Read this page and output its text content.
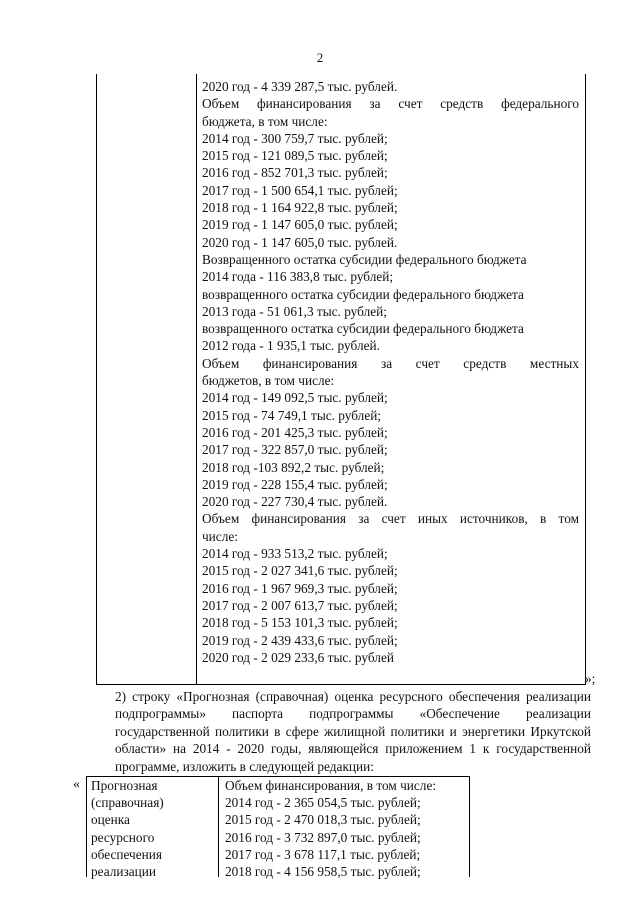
2
2020 год - 4 339 287,5 тыс. рублей.
Объем финансирования за счет средств федерального
бюджета, в том числе:
2014 год - 300 759,7 тыс. рублей;
2015 год - 121 089,5 тыс. рублей;
2016 год - 852 701,3 тыс. рублей;
2017 год - 1 500 654,1 тыс. рублей;
2018 год - 1 164 922,8 тыс. рублей;
2019 год - 1 147 605,0 тыс. рублей;
2020 год - 1 147 605,0 тыс. рублей.
Возвращенного остатка субсидии федерального бюджета
2014 года - 116 383,8 тыс. рублей;
возвращенного остатка субсидии федерального бюджета
2013 года - 51 061,3 тыс. рублей;
возвращенного остатка субсидии федерального бюджета
2012 года - 1 935,1 тыс. рублей.
Объем финансирования за счет средств местных
бюджетов, в том числе:
2014 год - 149 092,5 тыс. рублей;
2015 год - 74 749,1 тыс. рублей;
2016 год - 201 425,3 тыс. рублей;
2017 год - 322 857,0 тыс. рублей;
2018 год -103 892,2 тыс. рублей;
2019 год - 228 155,4 тыс. рублей;
2020 год - 227 730,4 тыс. рублей.
Объем финансирования за счет иных источников, в том
числе:
2014 год - 933 513,2 тыс. рублей;
2015 год - 2 027 341,6 тыс. рублей;
2016 год - 1 967 969,3 тыс. рублей;
2017 год - 2 007 613,7 тыс. рублей;
2018 год - 5 153 101,3 тыс. рублей;
2019 год - 2 439 433,6 тыс. рублей;
2020 год - 2 029 233,6 тыс. рублей
»;
2) строку «Прогнозная (справочная) оценка ресурсного обеспечения реализации подпрограммы» паспорта подпрограммы «Обеспечение реализации государственной политики в сфере жилищной политики и энергетики Иркутской области» на 2014 - 2020 годы, являющейся приложением 1 к государственной программе, изложить в следующей редакции:
« Прогнозная
(справочная)
оценка
ресурсного
обеспечения
реализации
Объем финансирования, в том числе:
2014 год - 2 365 054,5 тыс. рублей;
2015 год - 2 470 018,3 тыс. рублей;
2016 год - 3 732 897,0 тыс. рублей;
2017 год - 3 678 117,1 тыс. рублей;
2018 год - 4 156 958,5 тыс. рублей;
